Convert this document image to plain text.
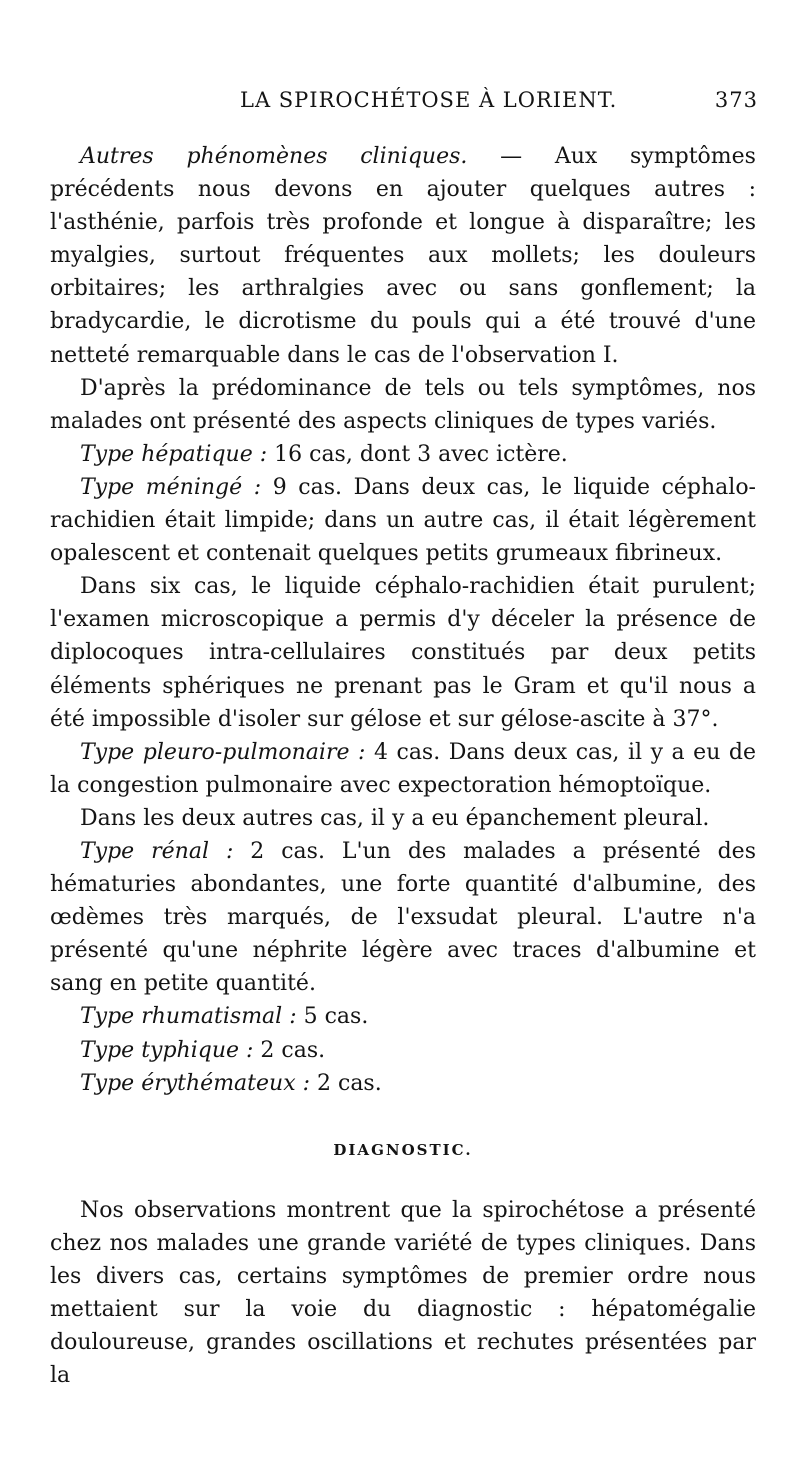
LA SPIROCHÉTOSE À LORIENT.	373

Autres phénomènes cliniques. — Aux symptômes précédents nous devons en ajouter quelques autres : l'asthénie, parfois très profonde et longue à disparaître; les myalgies, surtout fréquentes aux mollets; les douleurs orbitaires; les arthralgies avec ou sans gonflement; la bradycardie, le dicrotisme du pouls qui a été trouvé d'une netteté remarquable dans le cas de l'observation I.

D'après la prédominance de tels ou tels symptômes, nos malades ont présenté des aspects cliniques de types variés.

Type hépatique : 16 cas, dont 3 avec ictère.

Type méningé : 9 cas. Dans deux cas, le liquide céphalo-rachidien était limpide; dans un autre cas, il était légèrement opalescent et contenait quelques petits grumeaux fibrineux.

Dans six cas, le liquide céphalo-rachidien était purulent; l'examen microscopique a permis d'y déceler la présence de diplocoques intra-cellulaires constitués par deux petits éléments sphériques ne prenant pas le Gram et qu'il nous a été impossible d'isoler sur gélose et sur gélose-ascite à 37°.

Type pleuro-pulmonaire : 4 cas. Dans deux cas, il y a eu de la congestion pulmonaire avec expectoration hémoptoïque.

Dans les deux autres cas, il y a eu épanchement pleural.

Type rénal : 2 cas. L'un des malades a présenté des hématuries abondantes, une forte quantité d'albumine, des œdèmes très marqués, de l'exsudat pleural. L'autre n'a présenté qu'une néphrite légère avec traces d'albumine et sang en petite quantité.

Type rhumatismal : 5 cas.

Type typhique : 2 cas.

Type érythémateux : 2 cas.

DIAGNOSTIC.

Nos observations montrent que la spirochétose a présenté chez nos malades une grande variété de types cliniques. Dans les divers cas, certains symptômes de premier ordre nous mettaient sur la voie du diagnostic : hépatomégalie douloureuse, grandes oscillations et rechutes présentées par la
